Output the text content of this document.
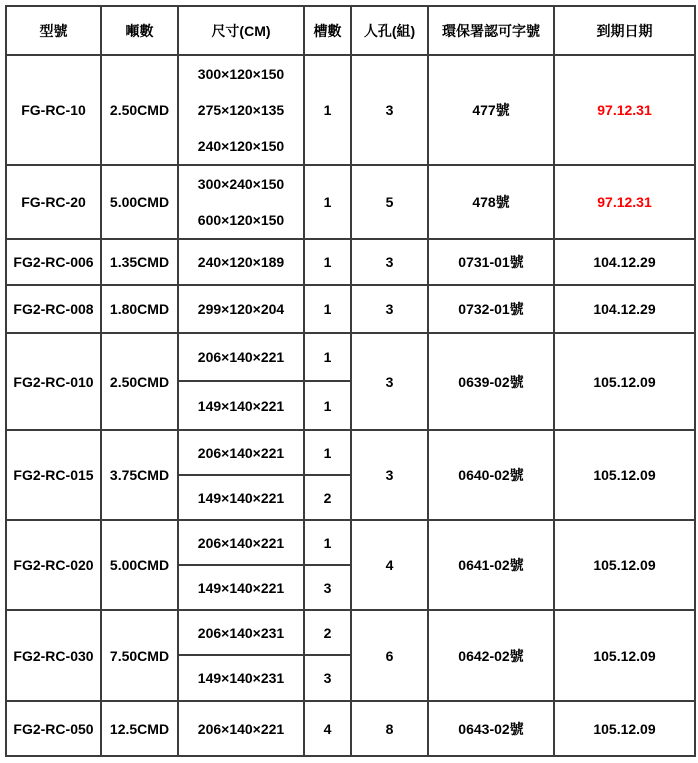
型號	噸數	尺寸(CM)	槽數	人孔(組)	環保署認可字號	到期日期
FG-RC-10	2.50CMD	300×120×150
275×120×135
240×120×150	1	3	477號	97.12.31
FG-RC-20	5.00CMD	300×240×150
600×120×150	1	5	478號	97.12.31
FG2-RC-006	1.35CMD	240×120×189	1	3	0731-01號	104.12.29
FG2-RC-008	1.80CMD	299×120×204	1	3	0732-01號	104.12.29
FG2-RC-010	2.50CMD	206×140×221	1	3	0639-02號	105.12.09
		149×140×221	1			
FG2-RC-015	3.75CMD	206×140×221	1	3	0640-02號	105.12.09
		149×140×221	2			
FG2-RC-020	5.00CMD	206×140×221	1	4	0641-02號	105.12.09
		149×140×221	3			
FG2-RC-030	7.50CMD	206×140×231	2	6	0642-02號	105.12.09
		149×140×231	3			
FG2-RC-050	12.5CMD	206×140×221	4	8	0643-02號	105.12.09
